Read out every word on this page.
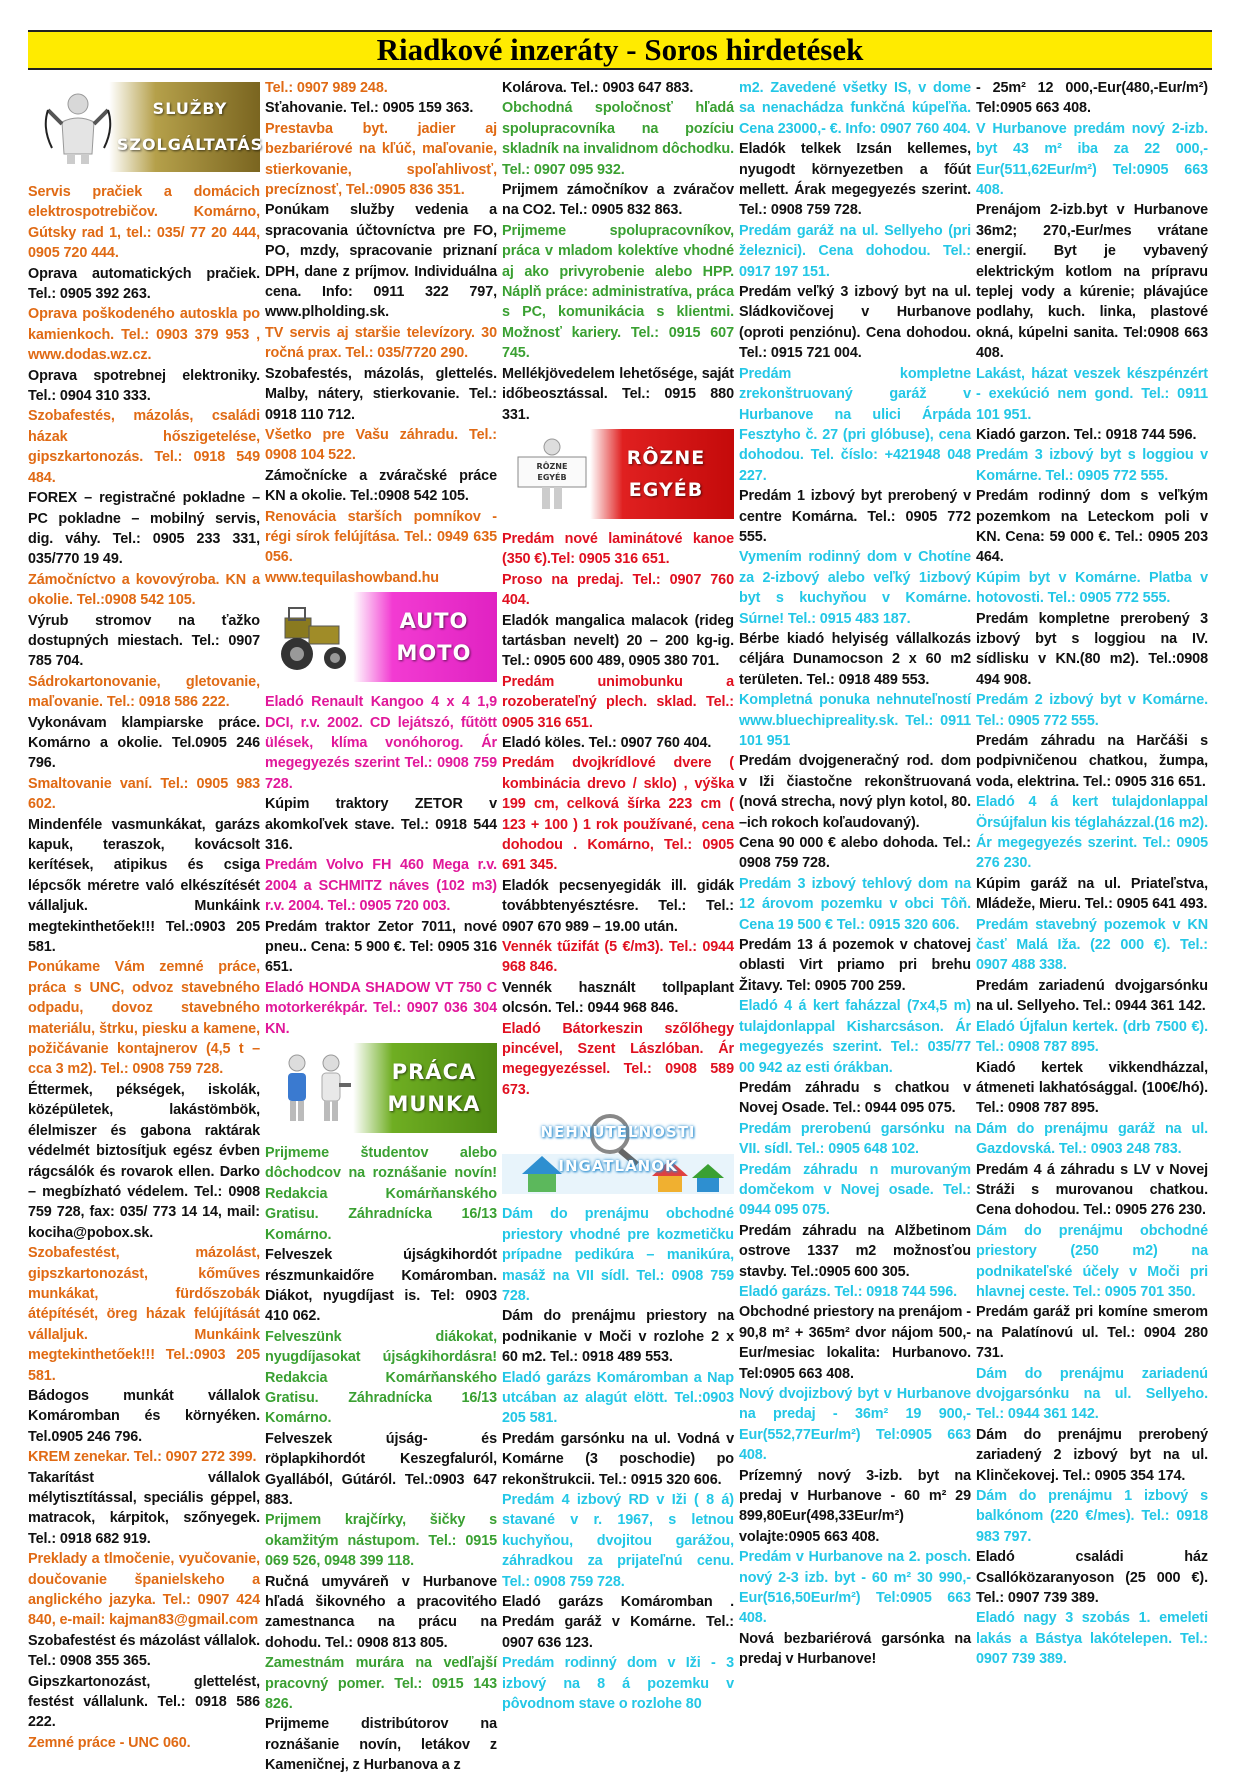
Riadkové inzeráty - Soros hirdetések
SLUŽBY
SZOLGÁLTATÁS

Servis pračiek a domácich elektrospotrebičov. Komárno, Gútsky rad 1, tel.: 035/ 77 20 444, 0905 720 444.

Oprava automatických pračiek. Tel.: 0905 392 263.

Oprava poškodeného autoskla po kamienkoch. Tel.: 0903 379 953 , www.dodas.wz.cz.

Oprava spotrebnej elektroniky. Tel.: 0904 310 333.

Szobafestés, mázolás, családi házak hőszigetelése, gipszkartonozás. Tel.: 0918 549 484.

FOREX – registračné pokladne – PC pokladne – mobilný servis, dig. váhy. Tel.: 0905 233 331, 035/770 19 49.

Zámočníctvo a kovovýroba. KN a okolie. Tel.:0908 542 105.

Výrub stromov na ťažko dostupných miestach. Tel.: 0907 785 704.

Sádrokartonovanie, gletovanie, maľovanie. Tel.: 0918 586 222.

Vykonávam klampiarske práce. Komárno a okolie. Tel.0905 246 796.

Smaltovanie vaní. Tel.: 0905 983 602.

Mindenféle vasmunkákat, garázs kapuk, teraszok, kovácsolt kerítések, atipikus és csiga lépcsők méretre való elkészítését vállaljuk. Munkáink megtekinthetőek!!! Tel.:0903 205 581.

Ponúkame Vám zemné práce, práca s UNC, odvoz stavebného odpadu, dovoz stavebného materiálu, štrku, piesku a kamene, požičávanie kontajnerov (4,5 t – cca 3 m2). Tel.: 0908 759 728.

Éttermek, pékségek, iskolák, középületek, lakástömbök, élelmiszer és gabona raktárak védelmét biztosítjuk egész évben rágcsálók és rovarok ellen. Darko – megbízható védelem. Tel.: 0908 759 728, fax: 035/ 773 14 14, mail: kociha@pobox.sk.

Szobafestést, mázolást, gipszkartonozást, kőműves munkákat, fürdőszobák átépítését, öreg házak felújítását vállaljuk. Munkáink megtekinthetőek!!! Tel.:0903 205 581.

Bádogos munkát vállalok Komáromban és környéken. Tel.0905 246 796.

KREM zenekar. Tel.: 0907 272 399.

Takarítást vállalok mélytisztítással, speciális géppel, matracok, kárpitok, szőnyegek. Tel.: 0918 682 919.

Preklady a tlmočenie, vyučovanie, doučovanie španielskeho a anglického jazyka. Tel.: 0907 424 840, e-mail: kajman83@gmail.com

Szobafestést és mázolást vállalok. Tel.: 0908 355 365.

Gipszkartonozást, glettelést, festést vállalunk. Tel.: 0918 586 222.

Zemné práce - UNC 060.

Tel.: 0907 989 248.

Sťahovanie. Tel.: 0905 159 363.

Prestavba byt. jadier aj bezbariérové na kľúč, maľovanie, stierkovanie, spoľahlivosť, precíznosť, Tel.:0905 836 351.

Ponúkam služby vedenia a spracovania účtovníctva pre FO, PO, mzdy, spracovanie priznaní DPH, dane z príjmov. Individuálna cena. Info: 0911 322 797, www.plholding.sk.

TV servis aj staršie televízory. 30 ročná prax. Tel.: 035/7720 290.

Szobafestés, mázolás, glettelés. Malby, nátery, stierkovanie. Tel.: 0918 110 712.

Všetko pre Vašu záhradu. Tel.: 0908 104 522.

Zámočnícke a zváračské práce KN a okolie. Tel.:0908 542 105.

Renovácia starších pomníkov - régi sírok felújítása. Tel.: 0949 635 056.

www.tequilashowband.hu

AUTO
MOTO

Eladó Renault Kangoo 4 x 4 1,9 DCI, r.v. 2002. CD lejátszó, fűtött ülések, klíma vonóhorog. Ár megegyezés szerint Tel.: 0908 759 728.

Kúpim traktory ZETOR v akomkoľvek stave. Tel.: 0918 544 316.

Predám Volvo FH 460 Mega r.v. 2004 a SCHMITZ náves (102 m3) r.v. 2004. Tel.: 0905 720 003.

Predám traktor Zetor 7011, nové pneu.. Cena: 5 900 €. Tel: 0905 316 651.

Eladó HONDA SHADOW VT 750 C motorkerékpár. Tel.: 0907 036 304 KN.

PRÁCA
MUNKA

Prijmeme študentov alebo dôchodcov na roznášanie novín! Redakcia Komárňanského Gratisu. Záhradnícka 16/13 Komárno.

Felveszek újságkihordót részmunkaidőre Komáromban. Diákot, nyugdíjast is. Tel: 0903 410 062.

Felveszünk diákokat, nyugdíjasokat újságkihordásra! Redakcia Komárňanského Gratisu. Záhradnícka 16/13 Komárno.

Felveszek újság- és röplapkihordót Keszegfaluról, Gyallából, Gútáról. Tel.:0903 647 883.

Prijmem krajčírky, šičky s okamžitým nástupom. Tel.: 0915 069 526, 0948 399 118.

Ručná umyváreň v Hurbanove hľadá šikovného a pracovitého zamestnanca na prácu na dohodu. Tel.: 0908 813 805.

Zamestnám murára na vedľajší pracovný pomer. Tel.: 0915 143 826.

Prijmeme distribútorov na roznášanie novín, letákov z Kameničnej, z Hurbanova a z

Kolárova. Tel.: 0903 647 883.

Obchodná spoločnosť hľadá spolupracovníka na pozíciu skladník na invalidnom dôchodku. Tel.: 0907 095 932.

Prijmem zámočníkov a zváračov na CO2. Tel.: 0905 832 863.

Prijmeme spolupracovníkov, práca v mladom kolektíve vhodné aj ako privyrobenie alebo HPP. Náplň práce: administratíva, práca s PC, komunikácia s klientmi. Možnosť kariery. Tel.: 0915 607 745.

Mellékjövedelem lehetősége, saját időbeosztással. Tel.: 0915 880 331.

RÔZNE
EGYÉB
RÔZNE
EGYÉB

Predám nové laminátové kanoe (350 €).Tel: 0905 316 651.

Proso na predaj. Tel.: 0907 760 404.

Eladók mangalica malacok (rideg tartásban nevelt) 20 – 200 kg-ig. Tel.: 0905 600 489, 0905 380 701.

Predám unimobunku a rozoberateľný plech. sklad. Tel.: 0905 316 651.

Eladó köles. Tel.: 0907 760 404.

Predám dvojkrídlové dvere ( kombinácia drevo / sklo) , výška 199 cm, celková šírka 223 cm ( 123 + 100 ) 1 rok používané, cena dohodou . Komárno, Tel.: 0905 691 345.

Eladók pecsenyegidák ill. gidák továbbtenyésztésre. Tel.: Tel.: 0907 670 989 – 19.00 után.

Vennék tűzifát (5 €/m3). Tel.: 0944 968 846.

Vennék használt tollpaplant olcsón. Tel.: 0944 968 846.

Eladó Bátorkeszin szőlőhegy pincével, Szent Lászlóban. Ár megegyezéssel. Tel.: 0908 589 673.

NEHNUTEĽNOSTI
INGATLANOK

Dám do prenájmu obchodné priestory vhodné pre kozmetičku prípadne pedikúra – manikúra, masáž na VII sídl. Tel.: 0908 759 728.

Dám do prenájmu priestory na podnikanie v Moči v rozlohe 2 x 60 m2. Tel.: 0918 489 553.

Eladó garázs Komáromban a Nap utcában az alagút elött. Tel.:0903 205 581.

Predám garsónku na ul. Vodná v Komárne (3 poschodie) po rekonštrukcii. Tel.: 0915 320 606.

Predám 4 izbový RD v Iži ( 8 á) stavané v r. 1967, s letnou kuchyňou, dvojitou garážou, záhradkou za prijateľnú cenu. Tel.: 0908 759 728.

Eladó garázs Komáromban . Predám garáž v Komárne. Tel.: 0907 636 123.

Predám rodinný dom v Iži - 3 izbový na 8 á pozemku v pôvodnom stave o rozlohe 80

m2. Zavedené všetky IS, v dome sa nenachádza funkčná kúpeľňa. Cena 23000,- €. Info: 0907 760 404.

Eladók telkek Izsán kellemes, nyugodt környezetben a főút mellett. Árak megegyezés szerint. Tel.: 0908 759 728.

Predám garáž na ul. Sellyeho (pri železnici). Cena dohodou. Tel.: 0917 197 151.

Predám veľký 3 izbový byt na ul. Sládkovičovej v Hurbanove (oproti penziónu). Cena dohodou. Tel.: 0915 721 004.

Predám kompletne zrekonštruovaný garáž v Hurbanove na ulici Árpáda Fesztyho č. 27 (pri glóbuse), cena dohodou. Tel. číslo: +421948 048 227.

Predám 1 izbový byt prerobený v centre Komárna. Tel.: 0905 772 555.

Vymením rodinný dom v Chotíne za 2-izbový alebo veľký 1izbový byt s kuchyňou v Komárne. Súrne! Tel.: 0915 483 187.

Bérbe kiadó helyiség vállalkozás céljára Dunamocson 2 x 60 m2 területen. Tel.: 0918 489 553.

Kompletná ponuka nehnuteľností www.bluechipreality.sk. Tel.: 0911 101 951

Predám dvojgeneračný rod. dom v Iži čiastočne rekonštruovaná (nová strecha, nový plyn kotol, 80. –ich rokoch koľaudovaný).

Cena 90 000 € alebo dohoda. Tel.: 0908 759 728.

Predám 3 izbový tehlový dom na 12 árovom pozemku v obci Tôň. Cena 19 500 € Tel.: 0915 320 606.

Predám 13 á pozemok v chatovej oblasti Virt priamo pri brehu Žitavy. Tel: 0905 700 259.

Eladó 4 á kert faházzal (7x4,5 m) tulajdonlappal Kisharcsáson. Ár megegyezés szerint. Tel.: 035/77 00 942 az esti órákban.

Predám záhradu s chatkou v Novej Osade. Tel.: 0944 095 075.

Predám prerobenú garsónku na VII. sídl. Tel.: 0905 648 102.

Predám záhradu n murovaným domčekom v Novej osade. Tel.: 0944 095 075.

Predám záhradu na Alžbetinom ostrove 1337 m2 možnosťou stavby. Tel.:0905 600 305.

Eladó garázs. Tel.: 0918 744 596.

Obchodné priestory na prenájom - 90,8 m² + 365m² dvor nájom 500,-Eur/mesiac lokalita: Hurbanovo. Tel:0905 663 408.

Nový dvojizbový byt v Hurbanove na predaj - 36m² 19 900,-Eur(552,77Eur/m²) Tel:0905 663 408.

Prízemný nový 3-izb. byt na predaj v Hurbanove - 60 m² 29 899,80Eur(498,33Eur/m²) volajte:0905 663 408.

Predám v Hurbanove na 2. posch. nový 2-3 izb. byt - 60 m² 30 990,-Eur(516,50Eur/m²) Tel:0905 663 408.

Nová bezbariérová garsónka na predaj v Hurbanove!

- 25m² 12 000,-Eur(480,-Eur/m²) Tel:0905 663 408.

V Hurbanove predám nový 2-izb. byt 43 m² iba za 22 000,-Eur(511,62Eur/m²) Tel:0905 663 408.

Prenájom 2-izb.byt v Hurbanove 36m2; 270,-Eur/mes vrátane energií. Byt je vybavený elektrickým kotlom na prípravu teplej vody a kúrenie; plávajúce podlahy, kuch. linka, plastové okná, kúpelni sanita. Tel:0908 663 408.

Lakást, házat veszek készpénzért - exekúció nem gond. Tel.: 0911 101 951.

Kiadó garzon. Tel.: 0918 744 596.

Predám 3 izbový byt s loggiou v Komárne. Tel.: 0905 772 555.

Predám rodinný dom s veľkým pozemkom na Leteckom poli v KN. Cena: 59 000 €. Tel.: 0905 203 464.

Kúpim byt v Komárne. Platba v hotovosti. Tel.: 0905 772 555.

Predám kompletne prerobený 3 izbový byt s loggiou na IV. sídlisku v KN.(80 m2). Tel.:0908 494 908.

Predám 2 izbový byt v Komárne. Tel.: 0905 772 555.

Predám záhradu na Harčáši s podpivničenou chatkou, žumpa, voda, elektrina. Tel.: 0905 316 651.

Eladó 4 á kert tulajdonlappal Örsújfalun kis téglaházzal.(16 m2). Ár megegyezés szerint. Tel.: 0905 276 230.

Kúpim garáž na ul. Priateľstva, Mládeže, Mieru. Tel.: 0905 641 493.

Predám stavebný pozemok v KN časť Malá Iža. (22 000 €). Tel.: 0907 488 338.

Predám zariadenú dvojgarsónku na ul. Sellyeho. Tel.: 0944 361 142.

Eladó Újfalun kertek. (drb 7500 €). Tel.: 0908 787 895.

Kiadó kertek vikkendházzal, átmeneti lakhatósággal. (100€/hó). Tel.: 0908 787 895.

Dám do prenájmu garáž na ul. Gazdovská. Tel.: 0903 248 783.

Predám 4 á záhradu s LV v Novej Stráži s murovanou chatkou. Cena dohodou. Tel.: 0905 276 230.

Dám do prenájmu obchodné priestory (250 m2) na podnikateľské účely v Moči pri hlavnej ceste. Tel.: 0905 701 350.

Predám garáž pri komíne smerom na Palatínovú ul. Tel.: 0904 280 731.

Dám do prenájmu zariadenú dvojgarsónku na ul. Sellyeho. Tel.: 0944 361 142.

Dám do prenájmu prerobený zariadený 2 izbový byt na ul. Klinčekovej. Tel.: 0905 354 174.

Dám do prenájmu 1 izbový s balkónom (220 €/mes). Tel.: 0918 983 797.

Eladó családi ház Csallóközaranyoson (25 000 €). Tel.: 0907 739 389.

Eladó nagy 3 szobás 1. emeleti lakás a Bástya lakótelepen. Tel.: 0907 739 389.
